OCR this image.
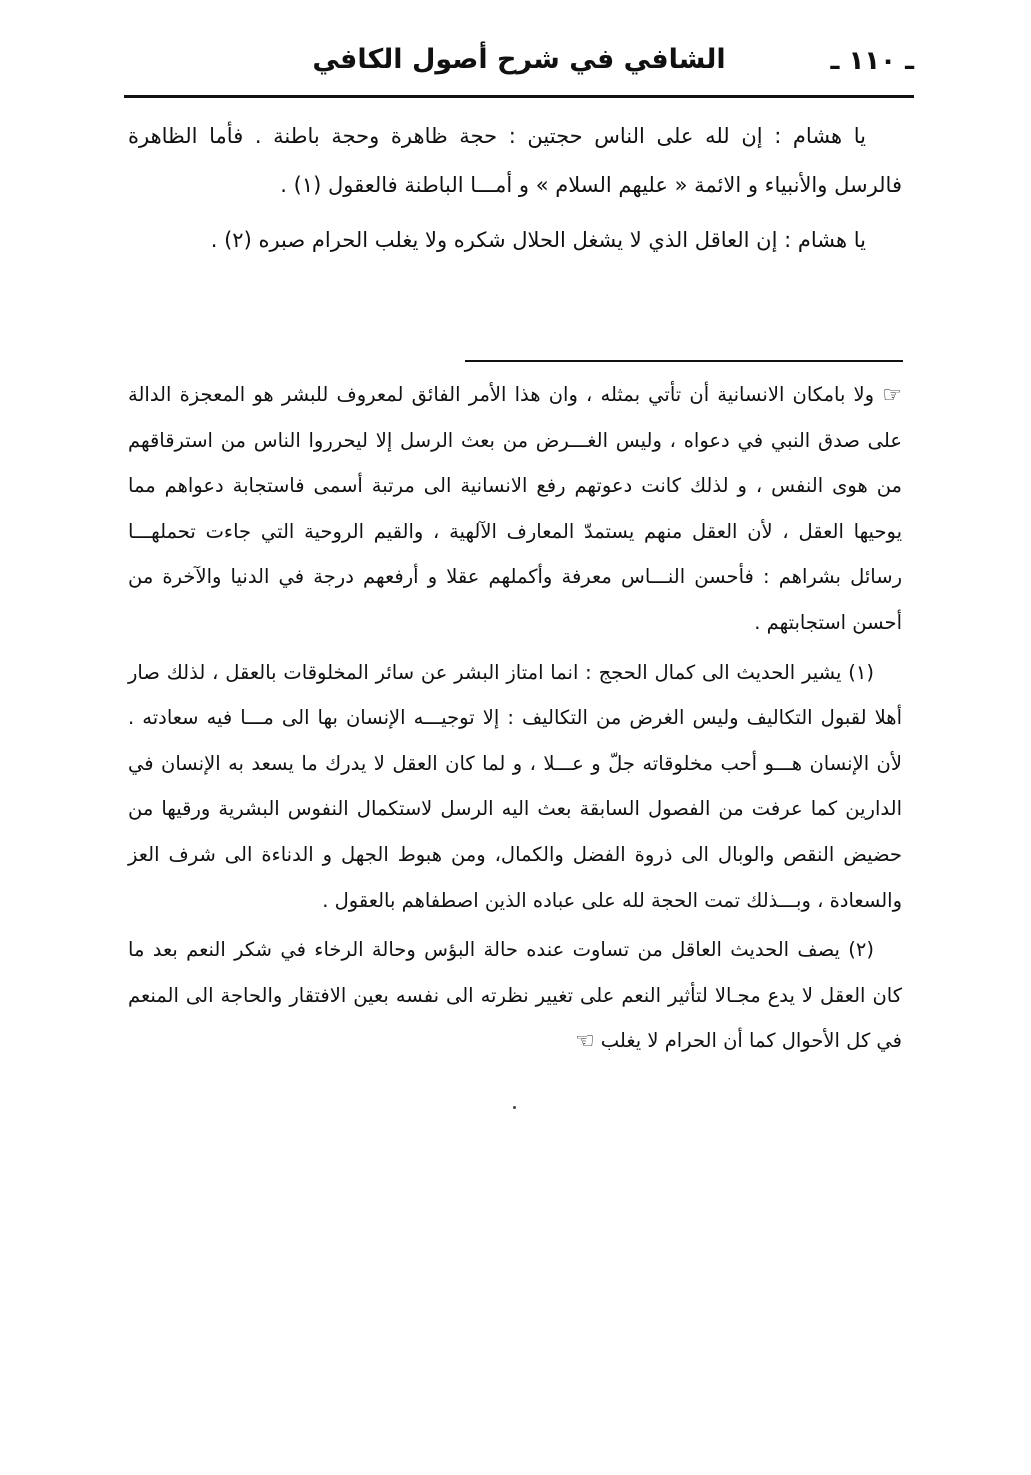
ـ ١١٠ ـ
الشافي في شرح أصول الكافي

يا هشام : إن لله على الناس حجتين : حجة ظاهرة وحجة باطنة . فأما الظاهرة فالرسل والأنبياء و الائمة « عليهم السلام » و أمـــا الباطنة فالعقول (١) .

يا هشام : إن العاقل الذي لا يشغل الحلال شكره ولا يغلب الحرام صبره (٢) .

☞ ولا بامكان الانسانية أن تأتي بمثله ، وان هذا الأمر الفائق لمعروف للبشر هو المعجزة الدالة على صدق النبي في دعواه ، وليس الغـــرض من بعث الرسل إلا ليحرروا الناس من استرقاقهم من هوى النفس ، و لذلك كانت دعوتهم رفع الانسانية الى مرتبة أسمى فاستجابة دعواهم مما يوحيها العقل ، لأن العقل منهم يستمدّ المعارف الآلهية ، والقيم الروحية التي جاءت تحملهـــا رسائل بشراهم : فأحسن النـــاس معرفة وأكملهم عقلا و أرفعهم درجة في الدنيا والآخرة من أحسن استجابتهم .

(١) يشير الحديث الى كمال الحجج : انما امتاز البشر عن سائر المخلوقات بالعقل ، لذلك صار أهلا لقبول التكاليف وليس الغرض من التكاليف : إلا توجيـــه الإنسان بها الى مـــا فيه سعادته . لأن الإنسان هـــو أحب مخلوقاته جلّ و عـــلا ، و لما كان العقل لا يدرك ما يسعد به الإنسان في الدارين كما عرفت من الفصول السابقة بعث اليه الرسل لاستكمال النفوس البشرية ورقيها من حضيض النقص والوبال الى ذروة الفضل والكمال، ومن هبوط الجهل و الدناءة الى شرف العز والسعادة ، وبـــذلك تمت الحجة لله على عباده الذين اصطفاهم بالعقول .

(٢) يصف الحديث العاقل من تساوت عنده حالة البؤس وحالة الرخاء في شكر النعم بعد ما كان العقل لا يدع مجـالا لتأثير النعم على تغيير نظرته الى نفسه بعين الافتقار والحاجة الى المنعم في كل الأحوال كما أن الحرام لا يغلب ☞
